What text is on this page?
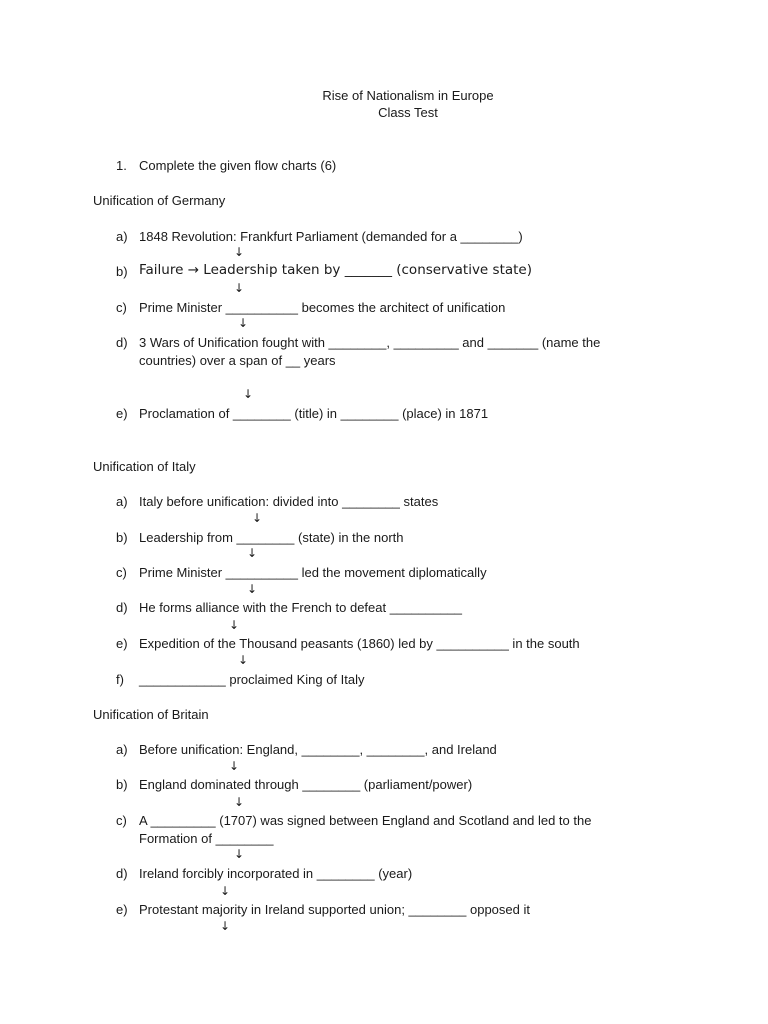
Rise of Nationalism in Europe
Class Test
1. Complete the given flow charts (6)
Unification of Germany
a) 1848 Revolution: Frankfurt Parliament (demanded for a ________)
↓
b) Failure → Leadership taken by _______ (conservative state)
↓
c) Prime Minister __________ becomes the architect of unification
↓
d) 3 Wars of Unification fought with ________, _________ and _______ (name the
countries) over a span of __ years
↓
e) Proclamation of ________ (title) in ________ (place) in 1871
Unification of Italy
a) Italy before unification: divided into ________ states
↓
b) Leadership from ________ (state) in the north
↓
c) Prime Minister __________ led the movement diplomatically
↓
d) He forms alliance with the French to defeat __________
↓
e) Expedition of the Thousand peasants (1860) led by __________ in the south
↓
f) ____________ proclaimed King of Italy
Unification of Britain
a) Before unification: England, ________, ________, and Ireland
↓
b) England dominated through ________ (parliament/power)
↓
c) A _________ (1707) was signed between England and Scotland and led to the
Formation of ________
↓
d) Ireland forcibly incorporated in ________ (year)
↓
e) Protestant majority in Ireland supported union; ________ opposed it
↓
